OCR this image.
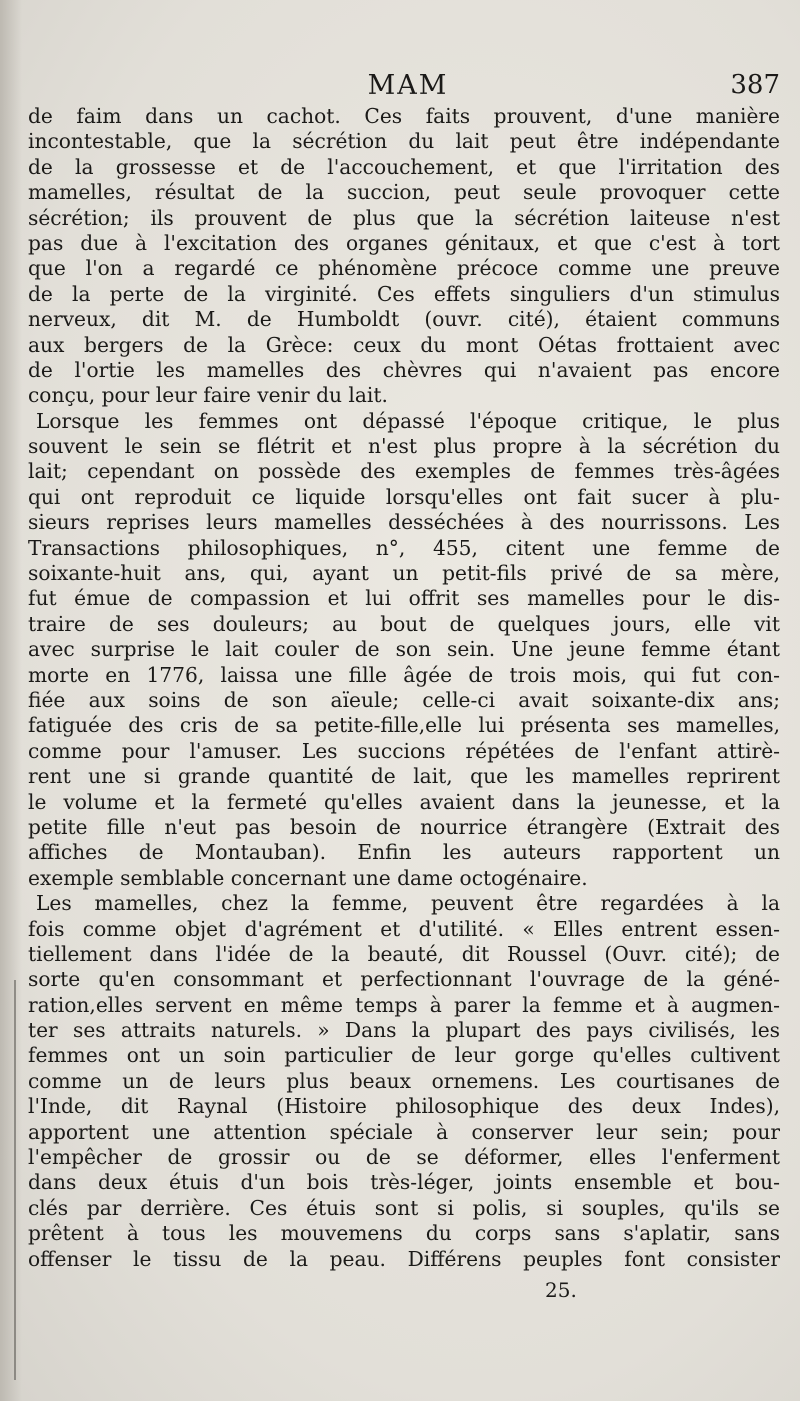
MAM	387
de faim dans un cachot. Ces faits prouvent, d'une manière
incontestable, que la sécrétion du lait peut être indépendante
de la grossesse et de l'accouchement, et que l'irritation des
mamelles, résultat de la succion, peut seule provoquer cette
sécrétion; ils prouvent de plus que la sécrétion laiteuse n'est
pas due à l'excitation des organes génitaux, et que c'est à tort
que l'on a regardé ce phénomène précoce comme une preuve
de la perte de la virginité. Ces effets singuliers d'un stimulus
nerveux, dit M. de Humboldt (ouvr. cité), étaient communs
aux bergers de la Grèce: ceux du mont Oétas frottaient avec
de l'ortie les mamelles des chèvres qui n'avaient pas encore
conçu, pour leur faire venir du lait.
Lorsque les femmes ont dépassé l'époque critique, le plus
souvent le sein se flétrit et n'est plus propre à la sécrétion du
lait; cependant on possède des exemples de femmes très-âgées
qui ont reproduit ce liquide lorsqu'elles ont fait sucer à plu-
sieurs reprises leurs mamelles desséchées à des nourrissons. Les
Transactions philosophiques, n°, 455, citent une femme de
soixante-huit ans, qui, ayant un petit-fils privé de sa mère,
fut émue de compassion et lui offrit ses mamelles pour le dis-
traire de ses douleurs; au bout de quelques jours, elle vit
avec surprise le lait couler de son sein. Une jeune femme étant
morte en 1776, laissa une fille âgée de trois mois, qui fut con-
fiée aux soins de son aïeule; celle-ci avait soixante-dix ans;
fatiguée des cris de sa petite-fille,elle lui présenta ses mamelles,
comme pour l'amuser. Les succions répétées de l'enfant attirè-
rent une si grande quantité de lait, que les mamelles reprirent
le volume et la fermeté qu'elles avaient dans la jeunesse, et la
petite fille n'eut pas besoin de nourrice étrangère (Extrait des
affiches de Montauban). Enfin les auteurs rapportent un
exemple semblable concernant une dame octogénaire.
Les mamelles, chez la femme, peuvent être regardées à la
fois comme objet d'agrément et d'utilité. « Elles entrent essen-
tiellement dans l'idée de la beauté, dit Roussel (Ouvr. cité); de
sorte qu'en consommant et perfectionnant l'ouvrage de la géné-
ration,elles servent en même temps à parer la femme et à augmen-
ter ses attraits naturels. » Dans la plupart des pays civilisés, les
femmes ont un soin particulier de leur gorge qu'elles cultivent
comme un de leurs plus beaux ornemens. Les courtisanes de
l'Inde, dit Raynal (Histoire philosophique des deux Indes),
apportent une attention spéciale à conserver leur sein; pour
l'empêcher de grossir ou de se déformer, elles l'enferment
dans deux étuis d'un bois très-léger, joints ensemble et bou-
clés par derrière. Ces étuis sont si polis, si souples, qu'ils se
prêtent à tous les mouvemens du corps sans s'aplatir, sans
offenser le tissu de la peau. Différens peuples font consister
25.
